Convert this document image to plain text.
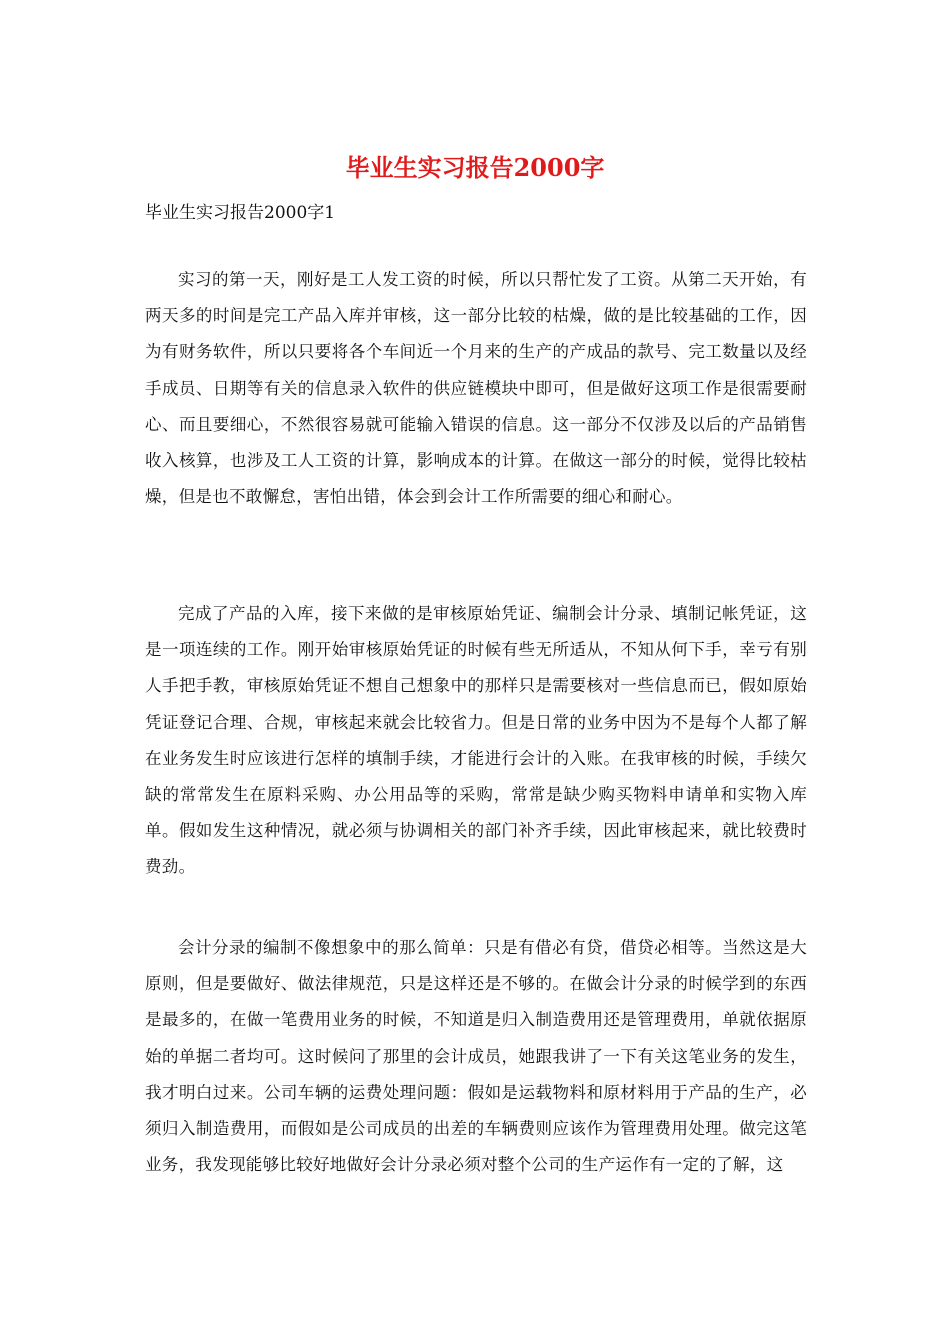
毕业生实习报告2000字

毕业生实习报告2000字1

实习的第一天，刚好是工人发工资的时候，所以只帮忙发了工资。从第二天开始，有两天多的时间是完工产品入库并审核，这一部分比较的枯燥，做的是比较基础的工作，因为有财务软件，所以只要将各个车间近一个月来的生产的产成品的款号、完工数量以及经手成员、日期等有关的信息录入软件的供应链模块中即可，但是做好这项工作是很需要耐心、而且要细心，不然很容易就可能输入错误的信息。这一部分不仅涉及以后的产品销售收入核算，也涉及工人工资的计算，影响成本的计算。在做这一部分的时候，觉得比较枯燥，但是也不敢懈怠，害怕出错，体会到会计工作所需要的细心和耐心。

完成了产品的入库，接下来做的是审核原始凭证、编制会计分录、填制记帐凭证，这是一项连续的工作。刚开始审核原始凭证的时候有些无所适从，不知从何下手，幸亏有别人手把手教，审核原始凭证不想自己想象中的那样只是需要核对一些信息而已，假如原始凭证登记合理、合规，审核起来就会比较省力。但是日常的业务中因为不是每个人都了解在业务发生时应该进行怎样的填制手续，才能进行会计的入账。在我审核的时候，手续欠缺的常常发生在原料采购、办公用品等的采购，常常是缺少购买物料申请单和实物入库单。假如发生这种情况，就必须与协调相关的部门补齐手续，因此审核起来，就比较费时费劲。

会计分录的编制不像想象中的那么简单：只是有借必有贷，借贷必相等。当然这是大原则，但是要做好、做法律规范，只是这样还是不够的。在做会计分录的时候学到的东西是最多的，在做一笔费用业务的时候，不知道是归入制造费用还是管理费用，单就依据原始的单据二者均可。这时候问了那里的会计成员，她跟我讲了一下有关这笔业务的发生，我才明白过来。公司车辆的运费处理问题：假如是运载物料和原材料用于产品的生产，必须归入制造费用，而假如是公司成员的出差的车辆费则应该作为管理费用处理。做完这笔业务，我发现能够比较好地做好会计分录必须对整个公司的生产运作有一定的了解，这
